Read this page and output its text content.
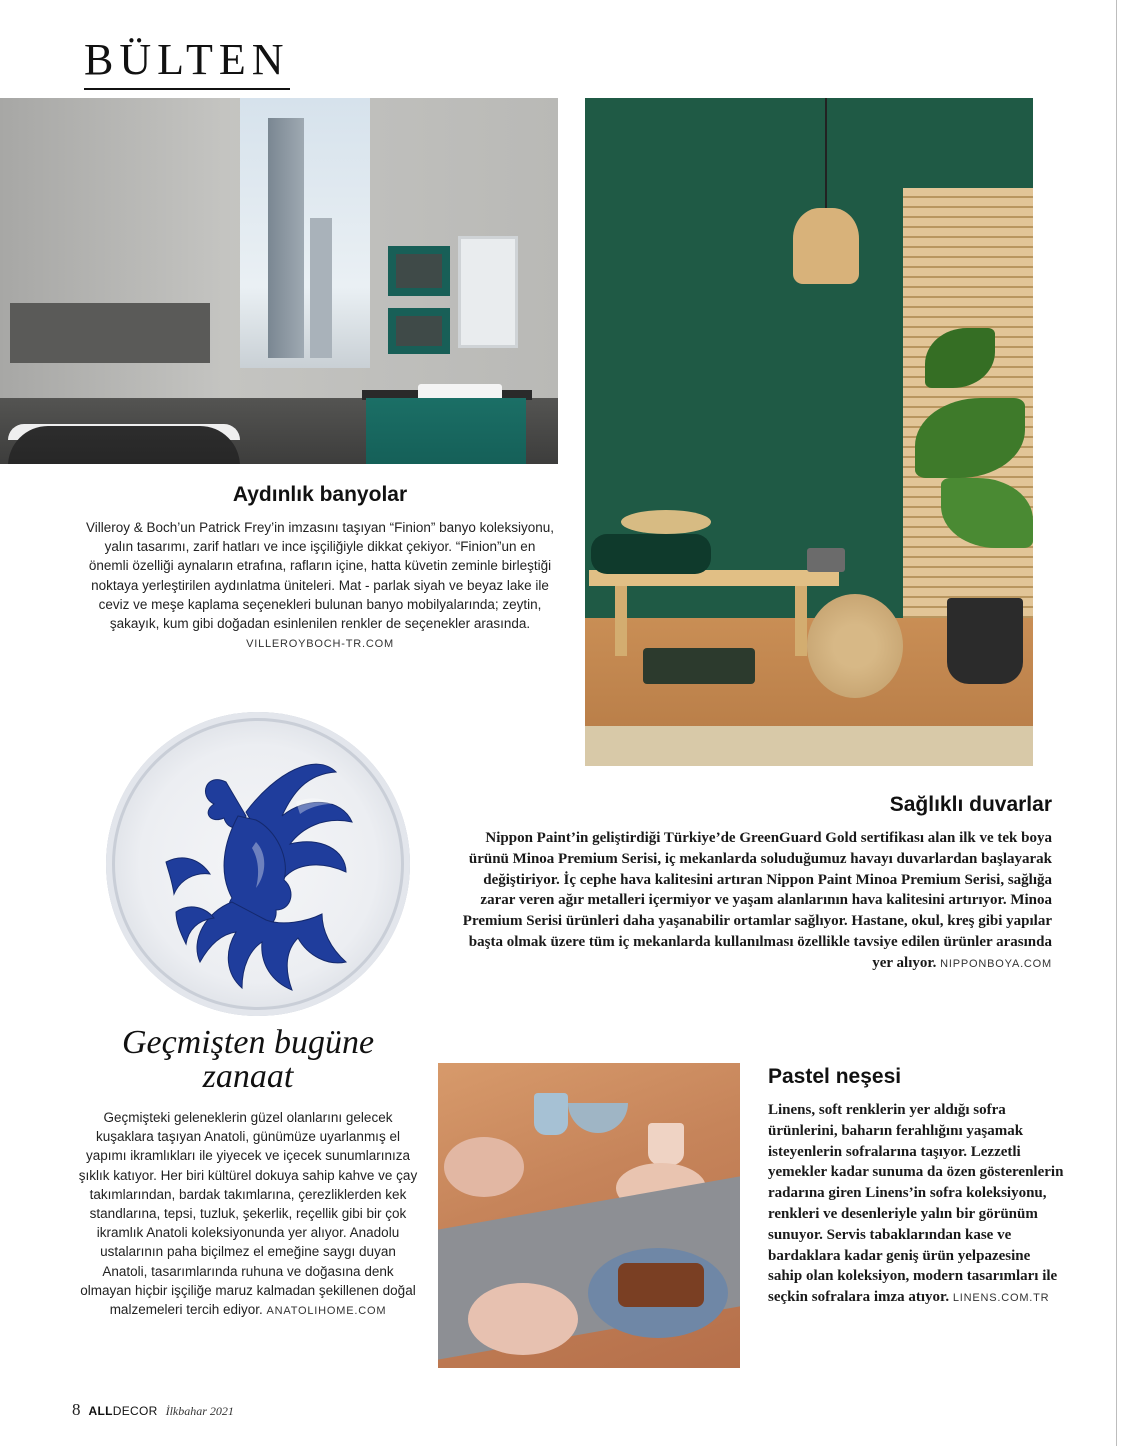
BÜLTEN
Aydınlık banyolar

Villeroy & Boch’un Patrick Frey’in imzasını taşıyan “Finion” banyo koleksiyonu, yalın tasarımı, zarif hatları ve ince işçiliğiyle dikkat çekiyor. “Finion”un en önemli özelliği aynaların etrafına, rafların içine, hatta küvetin zeminle birleştiği noktaya yerleştirilen aydınlatma üniteleri. Mat - parlak siyah ve beyaz lake ile ceviz ve meşe kaplama seçenekleri bulunan banyo mobilyalarında; zeytin, şakayık, kum gibi doğadan esinlenilen renkler de seçenekler arasında. VILLEROYBOCH-TR.COM

Sağlıklı duvarlar

Nippon Paint’in geliştirdiği Türkiye’de GreenGuard Gold sertifikası alan ilk ve tek boya ürünü Minoa Premium Serisi, iç mekanlarda soluduğumuz havayı duvarlardan başlayarak değiştiriyor. İç cephe hava kalitesini artıran Nippon Paint Minoa Premium Serisi, sağlığa zarar veren ağır metalleri içermiyor ve yaşam alanlarının hava kalitesini artırıyor. Minoa Premium Serisi ürünleri daha yaşanabilir ortamlar sağlıyor. Hastane, okul, kreş gibi yapılar başta olmak üzere tüm iç mekanlarda kullanılması özellikle tavsiye edilen ürünler arasında yer alıyor. NIPPONBOYA.COM

Geçmişten bugüne
zanaat

Geçmişteki geleneklerin güzel olanlarını gelecek kuşaklara taşıyan Anatoli, günümüze uyarlanmış el yapımı ikramlıkları ile yiyecek ve içecek sunumlarınıza şıklık katıyor. Her biri kültürel dokuya sahip kahve ve çay takımlarından, bardak takımlarına, çerezliklerden kek standlarına, tepsi, tuzluk, şekerlik, reçellik gibi bir çok ikramlık Anatoli koleksiyonunda yer alıyor. Anadolu ustalarının paha biçilmez el emeğine saygı duyan Anatoli, tasarımlarında ruhuna ve doğasına denk olmayan hiçbir işçiliğe maruz kalmadan şekillenen doğal malzemeleri tercih ediyor. ANATOLIHOME.COM

Pastel neşesi

Linens, soft renklerin yer aldığı sofra ürünlerini, baharın ferahlığını yaşamak isteyenlerin sofralarına taşıyor. Lezzetli yemekler kadar sunuma da özen gösterenlerin radarına giren Linens’in sofra koleksiyonu, renkleri ve desenleriyle yalın bir görünüm sunuyor. Servis tabaklarından kase ve bardaklara kadar geniş ürün yelpazesine sahip olan koleksiyon, modern tasarımları ile seçkin sofralara imza atıyor. LINENS.COM.TR

8 ALLDECOR İlkbahar 2021
